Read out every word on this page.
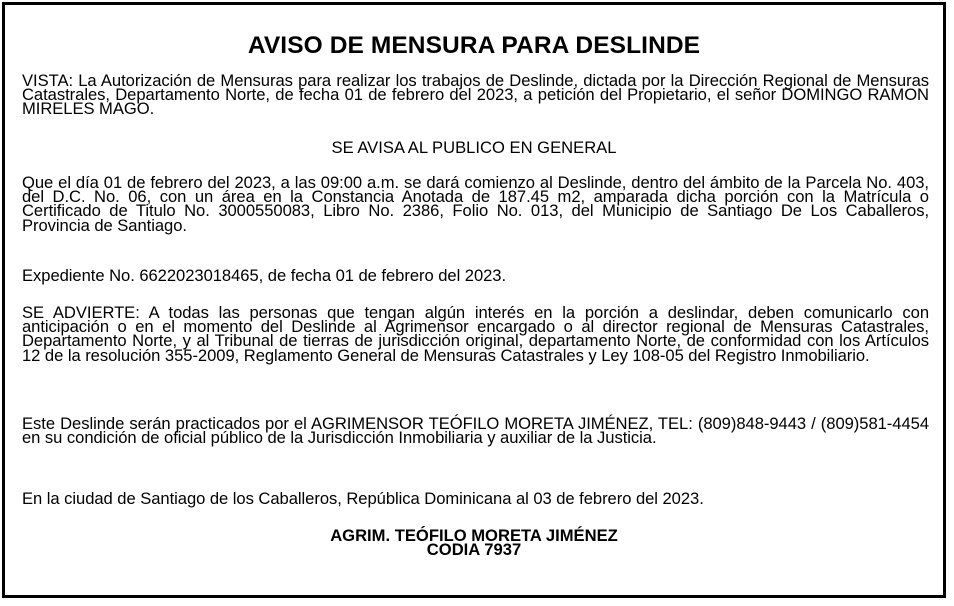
AVISO DE MENSURA PARA DESLINDE
VISTA: La Autorización de Mensuras para realizar los trabajos de Deslinde, dictada por la Dirección Regional de Mensuras Catastrales, Departamento Norte, de fecha 01 de febrero del 2023, a petición del Propietario, el señor DOMINGO RAMON MIRELES MAGO.
SE AVISA AL PUBLICO EN GENERAL
Que el día 01 de febrero del 2023, a las 09:00 a.m. se dará comienzo al Deslinde, dentro del ámbito de la Parcela No. 403, del D.C. No. 06, con un área en la Constancia Anotada de 187.45 m2, amparada dicha porción con la Matrícula o Certificado de Titulo No. 3000550083, Libro No. 2386, Folio No. 013, del Municipio de Santiago De Los Caballeros, Provincia de Santiago.
Expediente No. 6622023018465, de fecha 01 de febrero del 2023.
SE ADVIERTE: A todas las personas que tengan algún interés en la porción a deslindar, deben comunicarlo con anticipación o en el momento del Deslinde al Agrimensor encargado o al director regional de Mensuras Catastrales, Departamento Norte, y al Tribunal de tierras de jurisdicción original, departamento Norte, de conformidad con los Artículos 12 de la resolución 355-2009, Reglamento General de Mensuras Catastrales y Ley 108-05 del Registro Inmobiliario.
Este Deslinde serán practicados por el AGRIMENSOR TEÓFILO MORETA JIMÉNEZ, TEL: (809)848-9443 / (809)581-4454 en su condición de oficial público de la Jurisdicción Inmobiliaria y auxiliar de la Justicia.
En la ciudad de Santiago de los Caballeros, República Dominicana al 03 de febrero del 2023.
AGRIM. TEÓFILO MORETA JIMÉNEZ
CODIA 7937
